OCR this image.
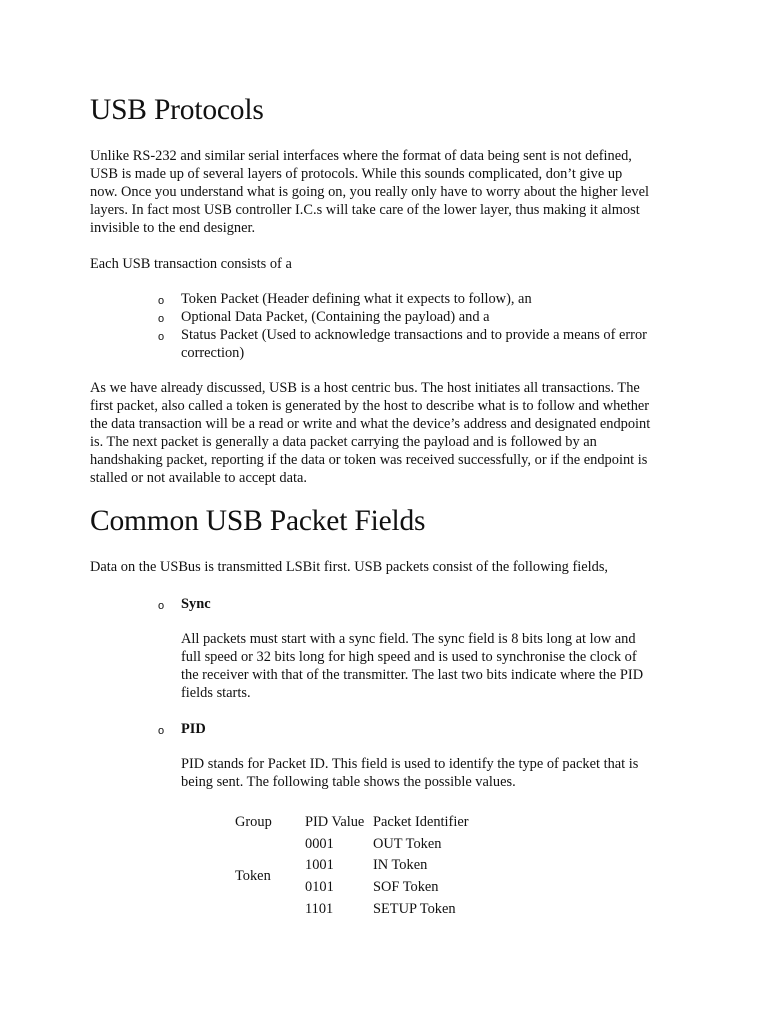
USB Protocols

Unlike RS-232 and similar serial interfaces where the format of data being sent is not defined,
USB is made up of several layers of protocols. While this sounds complicated, don’t give up
now. Once you understand what is going on, you really only have to worry about the higher level
layers. In fact most USB controller I.C.s will take care of the lower layer, thus making it almost
invisible to the end designer.

Each USB transaction consists of a

o Token Packet (Header defining what it expects to follow), an
o Optional Data Packet, (Containing the payload) and a
o Status Packet (Used to acknowledge transactions and to provide a means of error
correction)

As we have already discussed, USB is a host centric bus. The host initiates all transactions. The
first packet, also called a token is generated by the host to describe what is to follow and whether
the data transaction will be a read or write and what the device’s address and designated endpoint
is. The next packet is generally a data packet carrying the payload and is followed by an
handshaking packet, reporting if the data or token was received successfully, or if the endpoint is
stalled or not available to accept data.

Common USB Packet Fields

Data on the USBus is transmitted LSBit first. USB packets consist of the following fields,

o Sync
All packets must start with a sync field. The sync field is 8 bits long at low and
full speed or 32 bits long for high speed and is used to synchronise the clock of
the receiver with that of the transmitter. The last two bits indicate where the PID
fields starts.
o PID
PID stands for Packet ID. This field is used to identify the type of packet that is
being sent. The following table shows the possible values.
Group	PID Value	Packet Identifier
Token	0001	OUT Token
	1001	IN Token
	0101	SOF Token
	1101	SETUP Token
